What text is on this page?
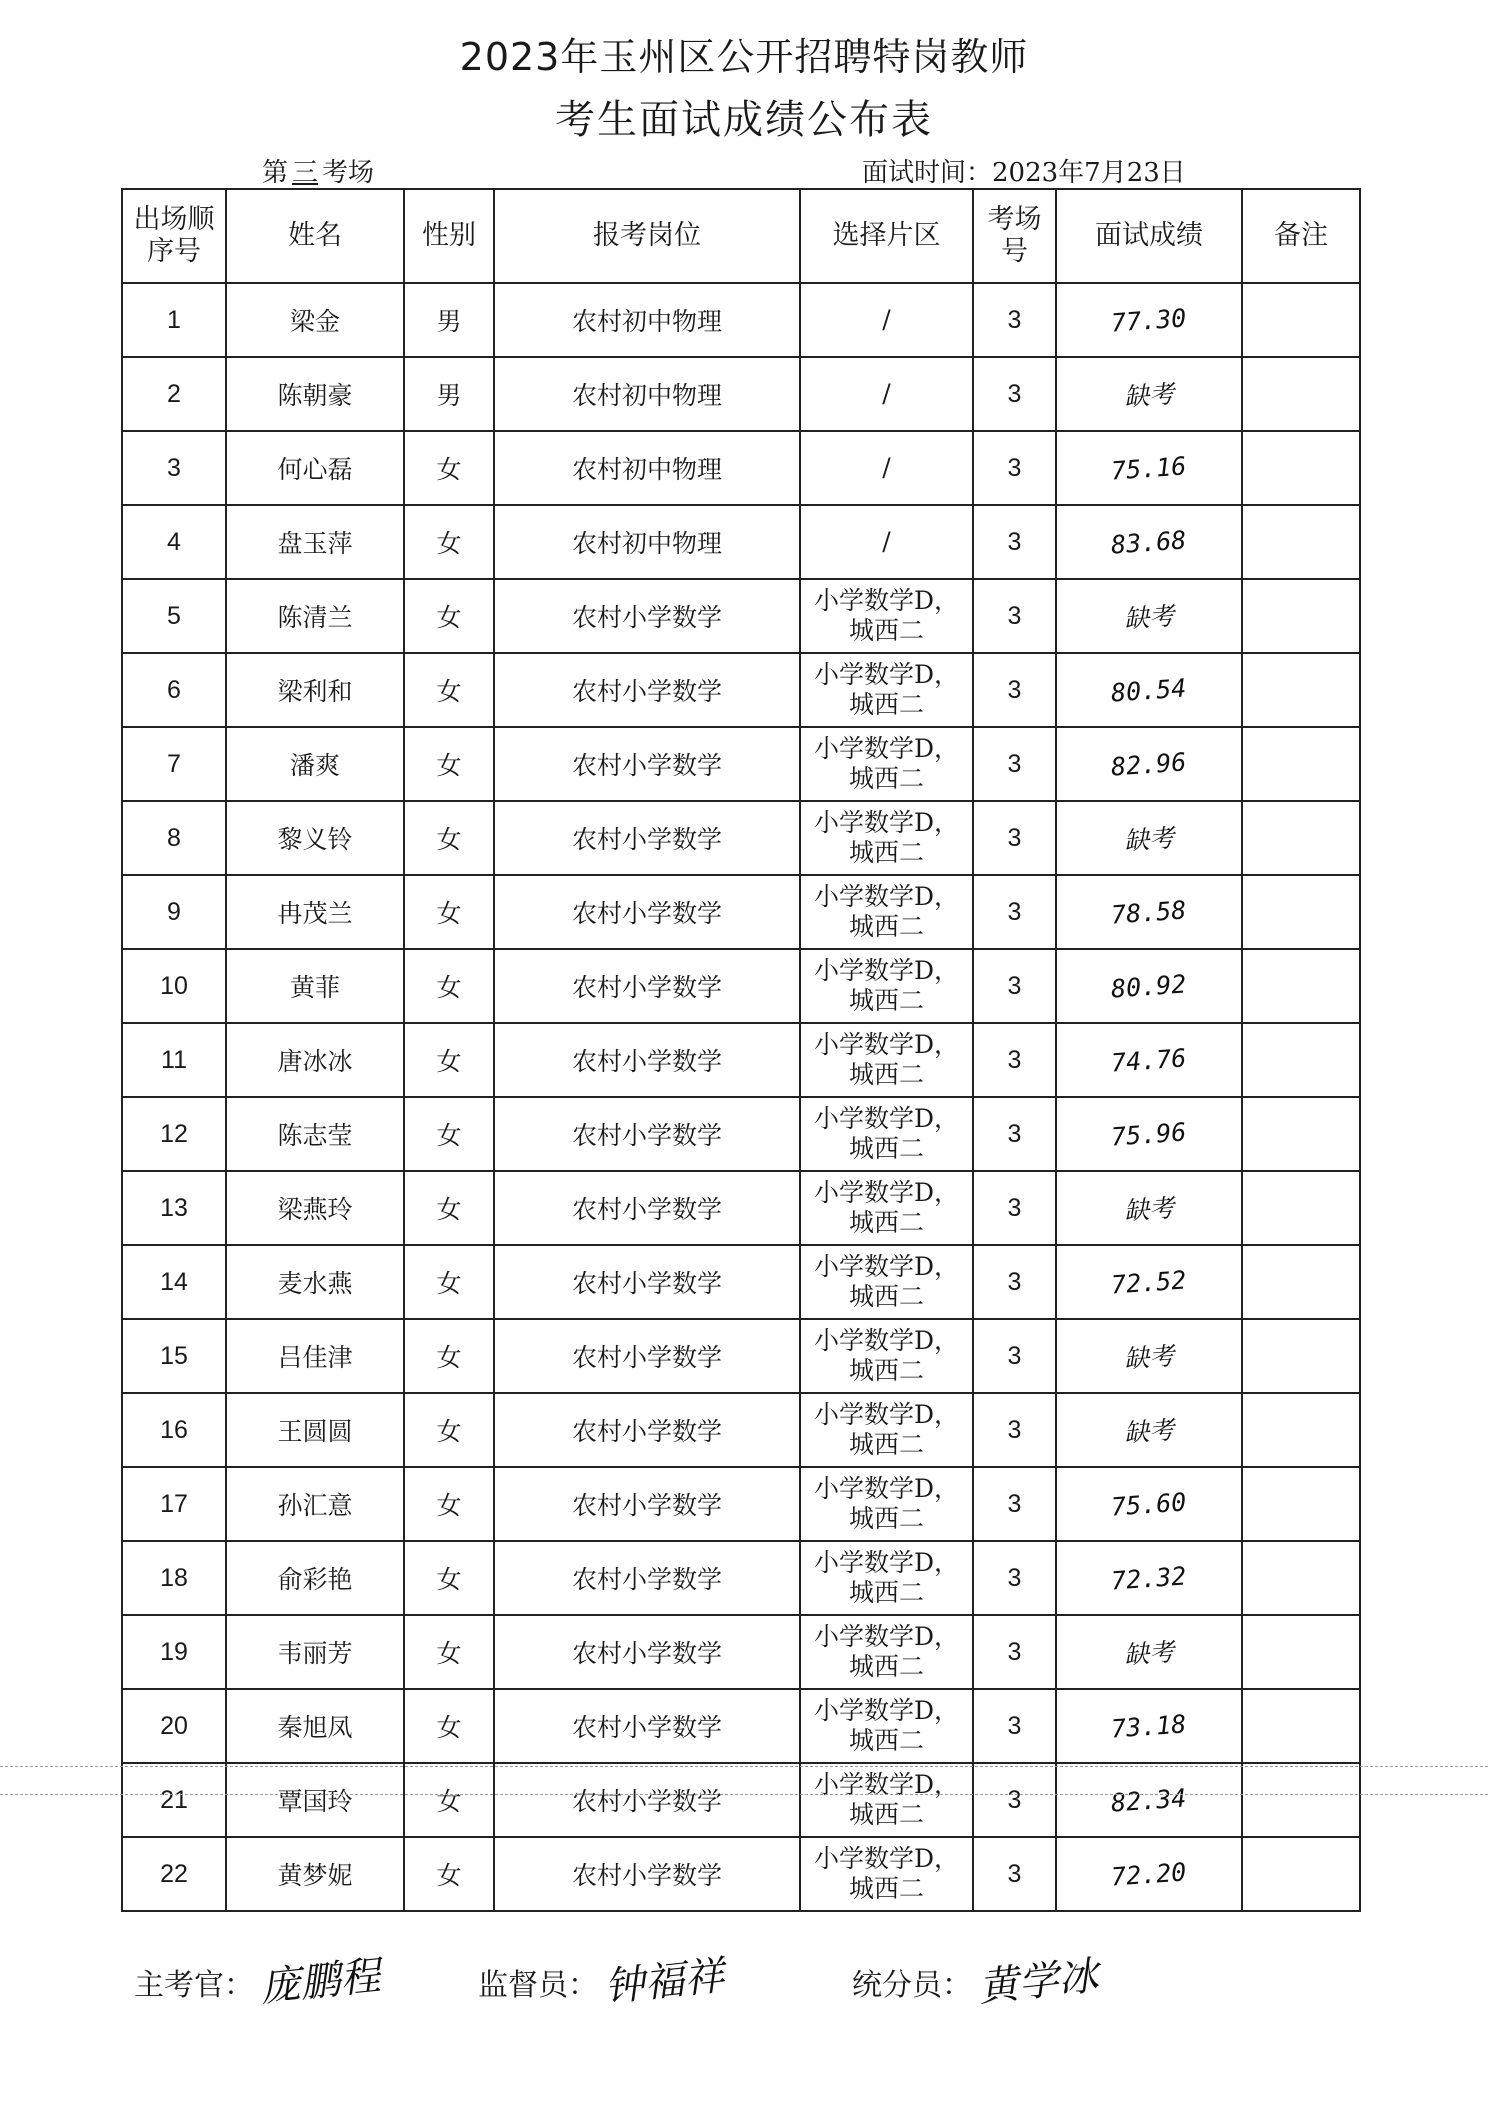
2023年玉州区公开招聘特岗教师
考生面试成绩公布表
第 三 考场	面试时间：2023年7月23日
出场顺
序号	姓名	性别	报考岗位	选择片区	考场
号	面试成绩	备注
1	梁金	男	农村初中物理	/	3	77.30	
2	陈朝豪	男	农村初中物理	/	3	缺考	
3	何心磊	女	农村初中物理	/	3	75.16	
4	盘玉萍	女	农村初中物理	/	3	83.68	
5	陈清兰	女	农村小学数学	小学数学D，
城西二	3	缺考	
6	梁利和	女	农村小学数学	小学数学D，
城西二	3	80.54	
7	潘爽	女	农村小学数学	小学数学D，
城西二	3	82.96	
8	黎义铃	女	农村小学数学	小学数学D，
城西二	3	缺考	
9	冉茂兰	女	农村小学数学	小学数学D，
城西二	3	78.58	
10	黄菲	女	农村小学数学	小学数学D，
城西二	3	80.92	
11	唐冰冰	女	农村小学数学	小学数学D，
城西二	3	74.76	
12	陈志莹	女	农村小学数学	小学数学D，
城西二	3	75.96	
13	梁燕玲	女	农村小学数学	小学数学D，
城西二	3	缺考	
14	麦水燕	女	农村小学数学	小学数学D，
城西二	3	72.52	
15	吕佳津	女	农村小学数学	小学数学D，
城西二	3	缺考	
16	王圆圆	女	农村小学数学	小学数学D，
城西二	3	缺考	
17	孙汇意	女	农村小学数学	小学数学D，
城西二	3	75.60	
18	俞彩艳	女	农村小学数学	小学数学D，
城西二	3	72.32	
19	韦丽芳	女	农村小学数学	小学数学D，
城西二	3	缺考	
20	秦旭凤	女	农村小学数学	小学数学D，
城西二	3	73.18	
21	覃国玲	女	农村小学数学	小学数学D，
城西二	3	82.34	
22	黄梦妮	女	农村小学数学	小学数学D，
城西二	3	72.20	
主考官： 庞鹏程	监督员： 钟福祥	统分员： 黄学冰
